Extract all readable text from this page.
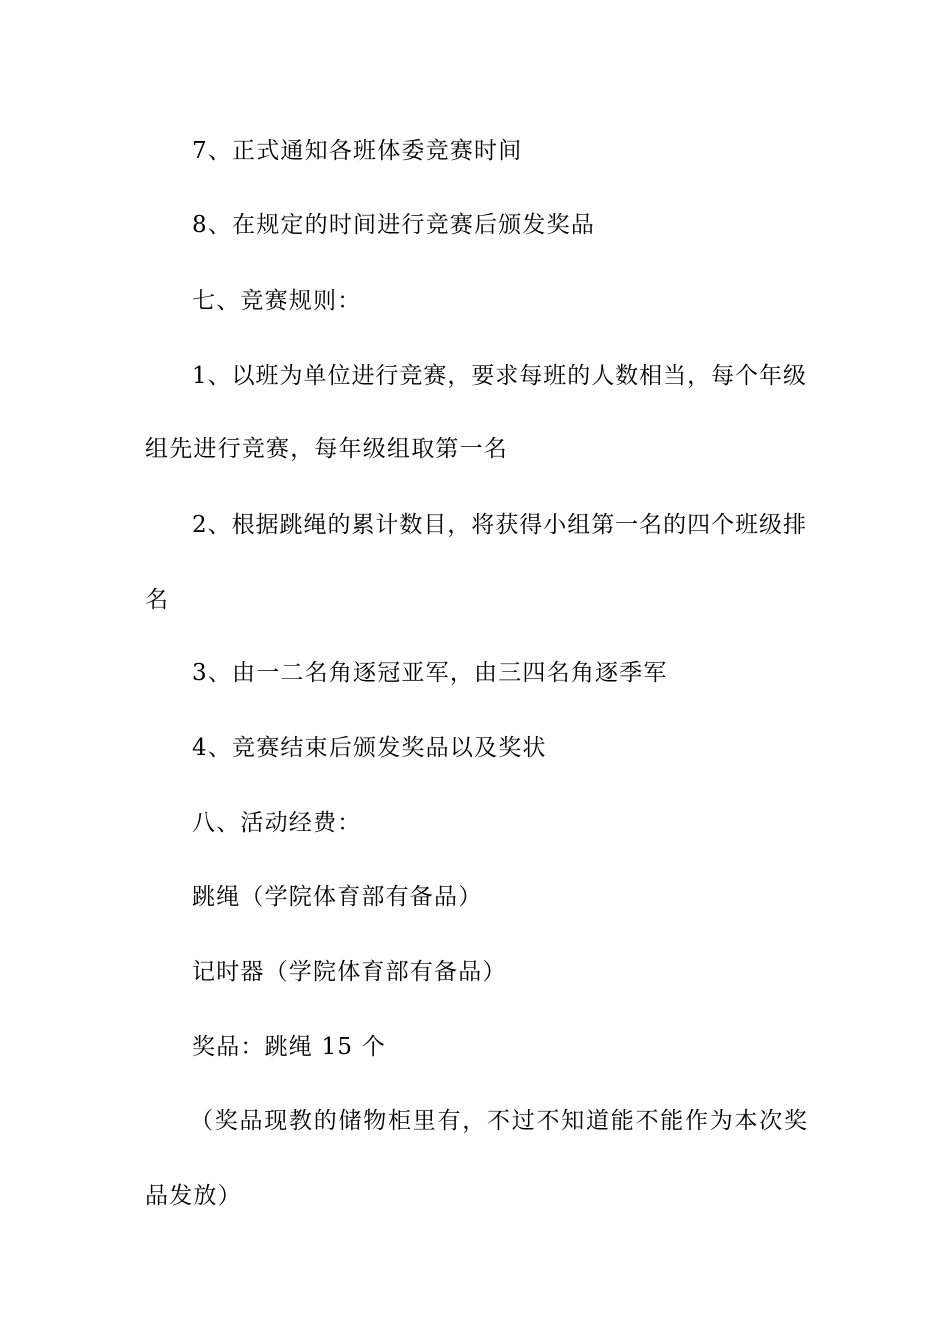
7、正式通知各班体委竞赛时间

8、在规定的时间进行竞赛后颁发奖品

七、竞赛规则：

1、以班为单位进行竞赛，要求每班的人数相当，每个年级

组先进行竞赛，每年级组取第一名

2、根据跳绳的累计数目，将获得小组第一名的四个班级排

名

3、由一二名角逐冠亚军，由三四名角逐季军

4、竞赛结束后颁发奖品以及奖状

八、活动经费：

跳绳（学院体育部有备品）

记时器（学院体育部有备品）

奖品：跳绳 15 个

（奖品现教的储物柜里有，不过不知道能不能作为本次奖

品发放）
